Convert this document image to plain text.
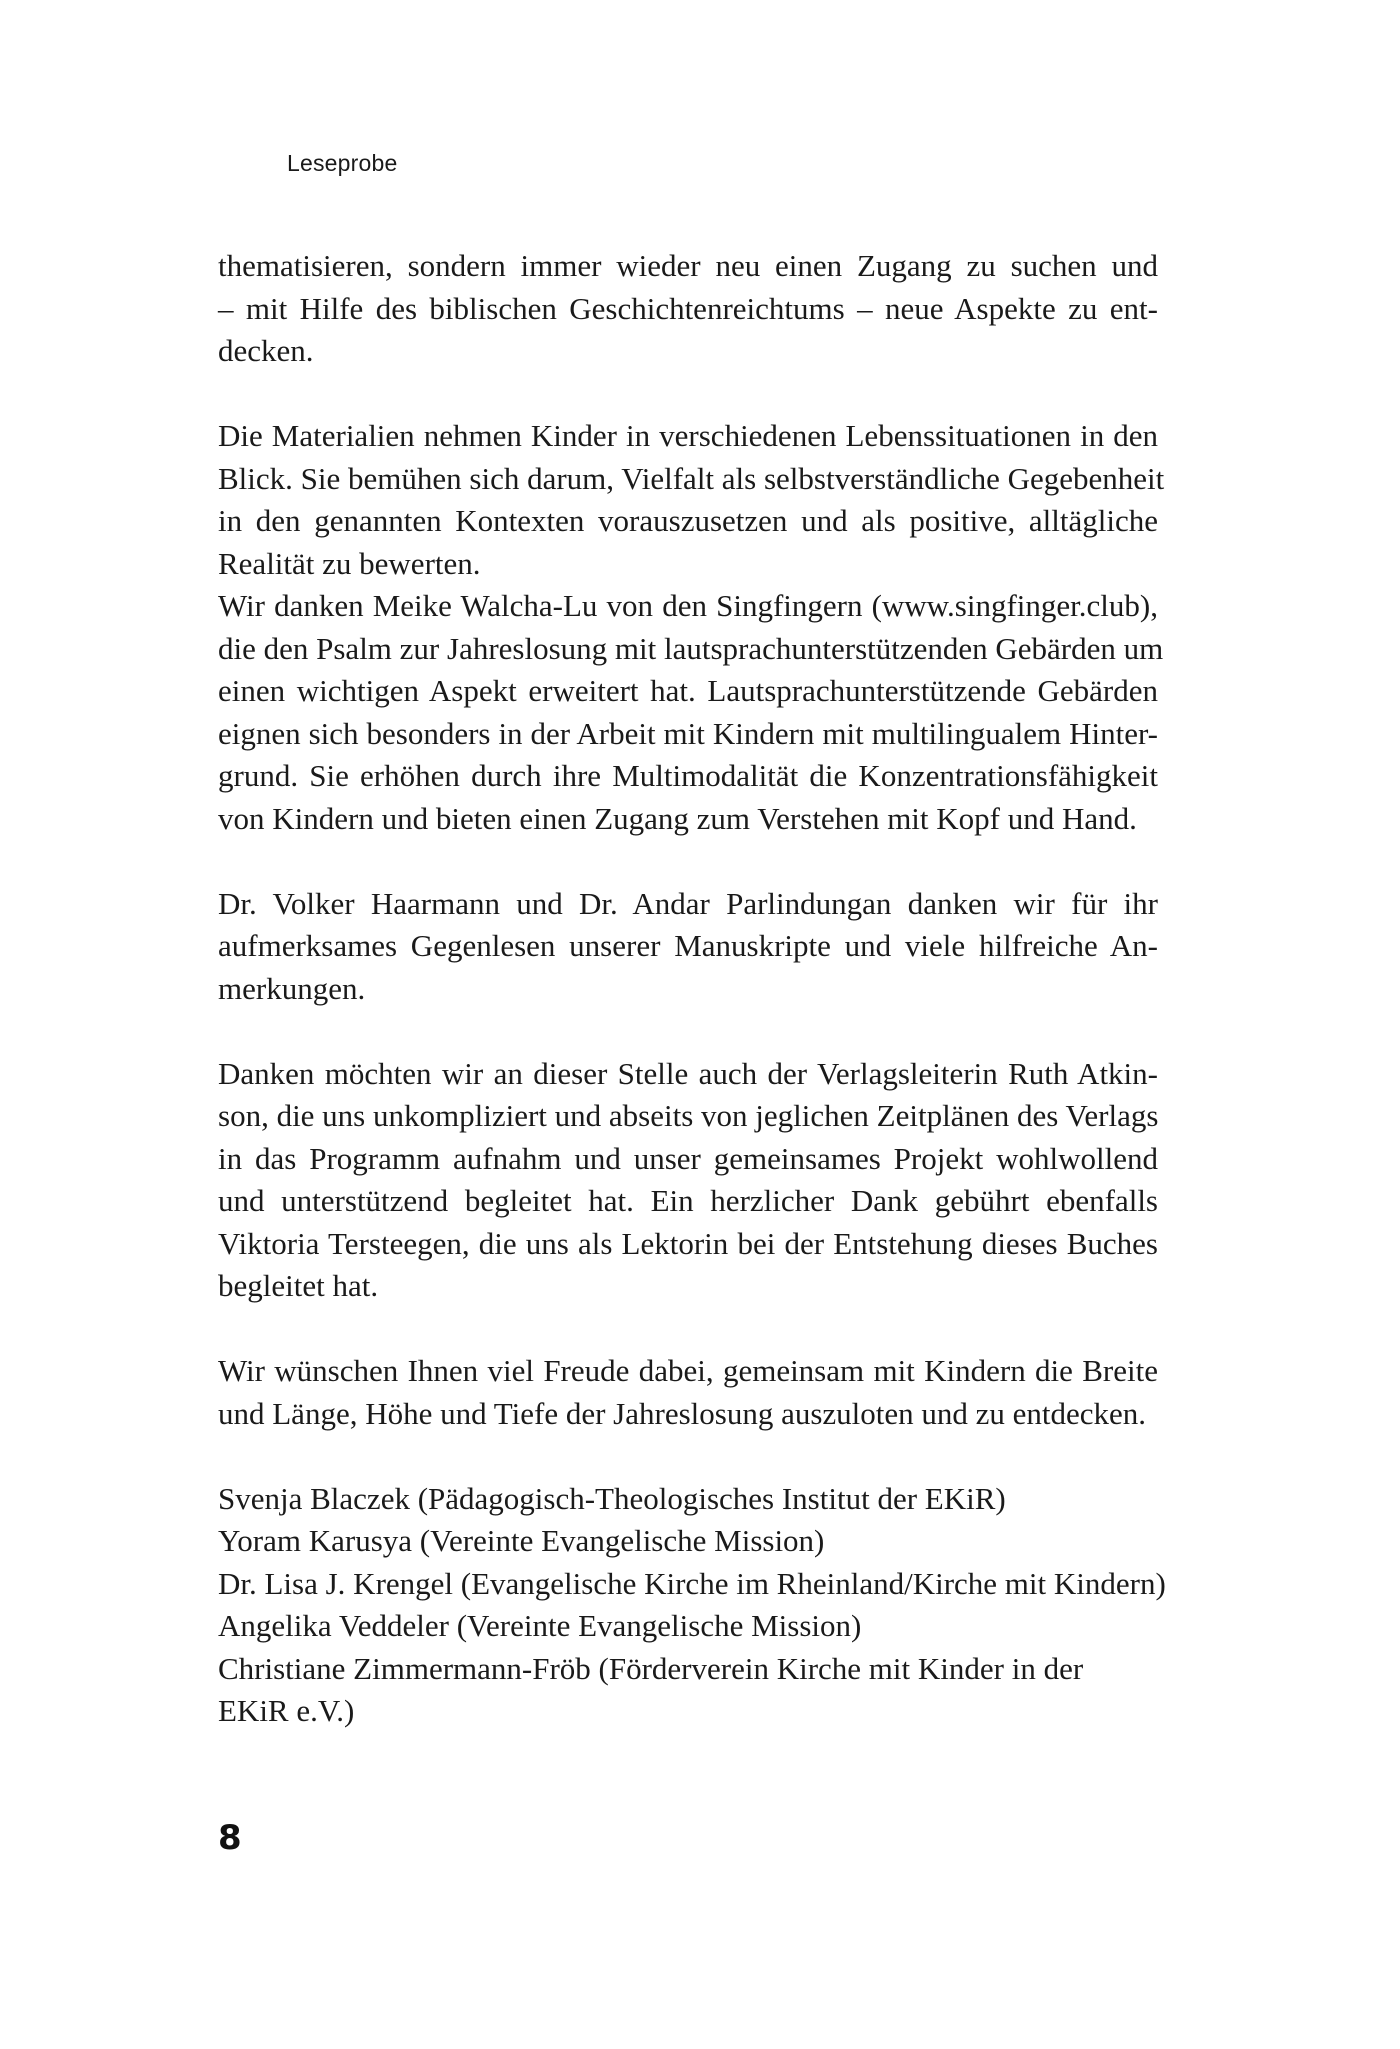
Leseprobe
thematisieren, sondern immer wieder neu einen Zugang zu suchen und
– mit Hilfe des biblischen Geschichtenreichtums – neue Aspekte zu ent-
decken.
Die Materialien nehmen Kinder in verschiedenen Lebenssituationen in den
Blick. Sie bemühen sich darum, Vielfalt als selbstverständliche Gegebenheit
in den genannten Kontexten vorauszusetzen und als positive, alltägliche
Realität zu bewerten.
Wir danken Meike Walcha-Lu von den Singfingern (www.singfinger.club),
die den Psalm zur Jahreslosung mit lautsprachunterstützenden Gebärden um
einen wichtigen Aspekt erweitert hat. Lautsprachunterstützende Gebärden
eignen sich besonders in der Arbeit mit Kindern mit multilingualem Hinter-
grund. Sie erhöhen durch ihre Multimodalität die Konzentrationsfähigkeit
von Kindern und bieten einen Zugang zum Verstehen mit Kopf und Hand.
Dr. Volker Haarmann und Dr. Andar Parlindungan danken wir für ihr
aufmerksames Gegenlesen unserer Manuskripte und viele hilfreiche An-
merkungen.
Danken möchten wir an dieser Stelle auch der Verlagsleiterin Ruth Atkin-
son, die uns unkompliziert und abseits von jeglichen Zeitplänen des Verlags
in das Programm aufnahm und unser gemeinsames Projekt wohlwollend
und unterstützend begleitet hat. Ein herzlicher Dank gebührt ebenfalls
Viktoria Tersteegen, die uns als Lektorin bei der Entstehung dieses Buches
begleitet hat.
Wir wünschen Ihnen viel Freude dabei, gemeinsam mit Kindern die Breite
und Länge, Höhe und Tiefe der Jahreslosung auszuloten und zu entdecken.
Svenja Blaczek (Pädagogisch-Theologisches Institut der EKiR)
Yoram Karusya (Vereinte Evangelische Mission)
Dr. Lisa J. Krengel (Evangelische Kirche im Rheinland/Kirche mit Kindern)
Angelika Veddeler (Vereinte Evangelische Mission)
Christiane Zimmermann-Fröb (Förderverein Kirche mit Kinder in der
EKiR e.V.)
8
